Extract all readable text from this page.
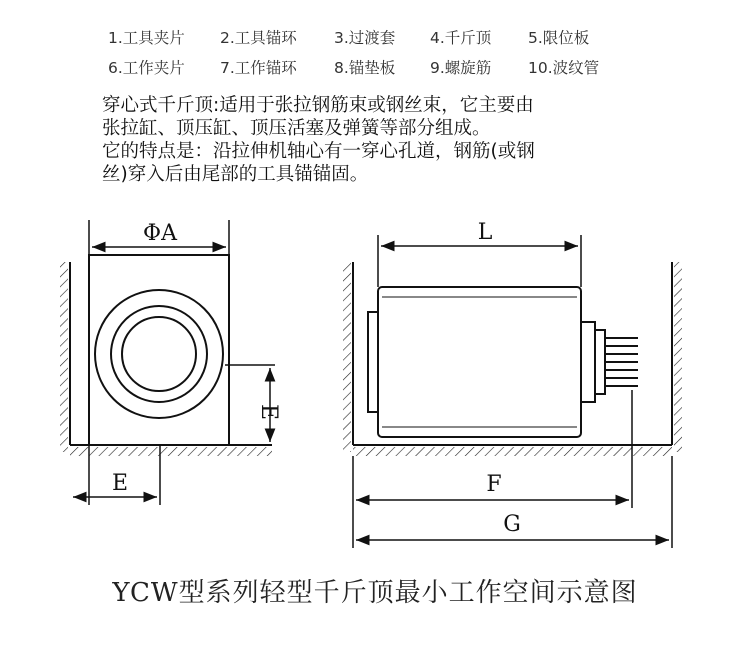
1.工具夹片	2.工具锚环	3.过渡套	4.千斤顶	5.限位板
6.工作夹片	7.工作锚环	8.锚垫板	9.螺旋筋	10.波纹管
穿心式千斤顶:适用于张拉钢筋束或钢丝束，它主要由
张拉缸、顶压缸、顶压活塞及弹簧等部分组成。
它的特点是：沿拉伸机轴心有一穿心孔道，钢筋(或钢
丝)穿入后由尾部的工具锚锚固。
ΦA
E
E
L
F
G
YCW型系列轻型千斤顶最小工作空间示意图
